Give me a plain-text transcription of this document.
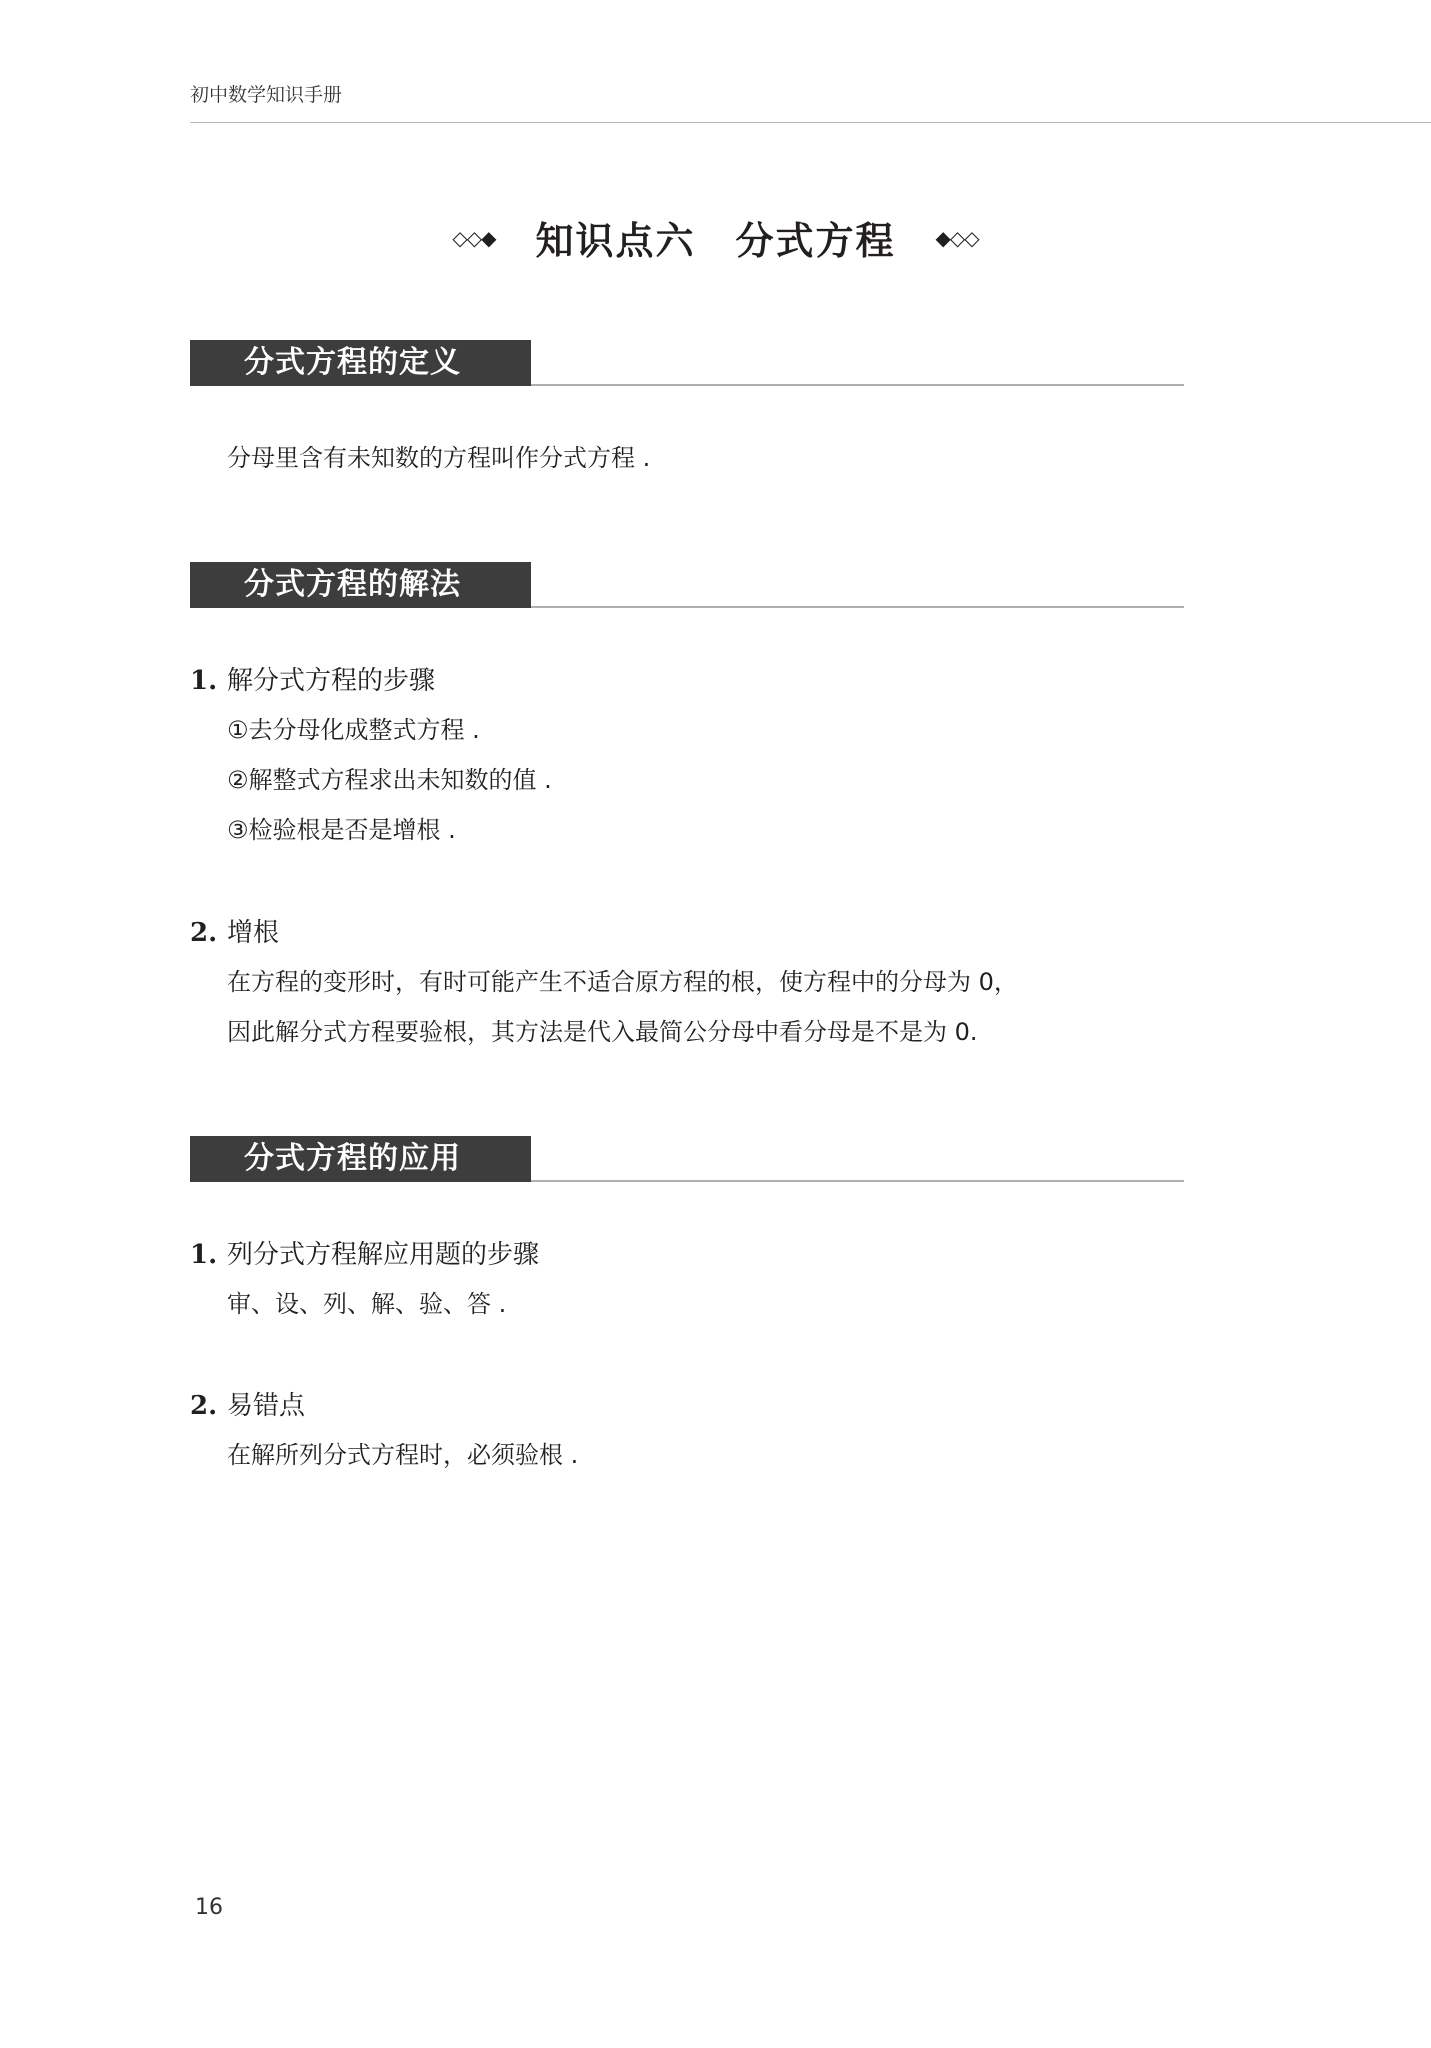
初中数学知识手册
◇◇◆ 知识点六　分式方程 ◆◇◇
分式方程的定义
分母里含有未知数的方程叫作分式方程 .
分式方程的解法
1. 解分式方程的步骤
①去分母化成整式方程 .
②解整式方程求出未知数的值 .
③检验根是否是增根 .
2. 增根
在方程的变形时，有时可能产生不适合原方程的根，使方程中的分母为 0，
因此解分式方程要验根，其方法是代入最简公分母中看分母是不是为 0.
分式方程的应用
1. 列分式方程解应用题的步骤
审、设、列、解、验、答 .
2. 易错点
在解所列分式方程时，必须验根 .
16
